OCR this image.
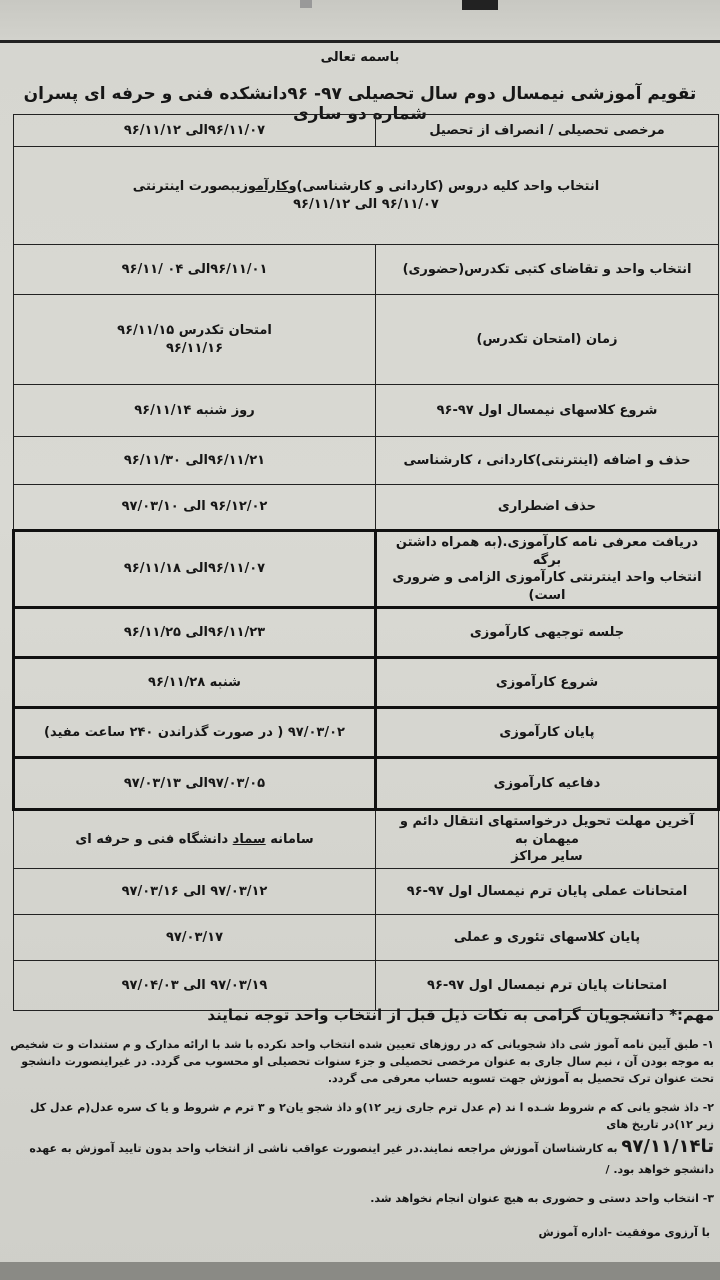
باسمه تعالی
تقویم آموزشی نیمسال دوم سال تحصیلی ۹۷- ۹۶دانشکده فنی و حرفه ای پسران شماره دو ساری
مرخصی تحصیلی / انصراف از تحصیل	۹۶/۱۱/۰۷الی ۹۶/۱۱/۱۲

انتخاب واحد کلیه دروس (کاردانی و کارشناسی)وکارآموزیبصورت اینترنتی
۹۶/۱۱/۰۷ الی ۹۶/۱۱/۱۲	

انتخاب واحد و تقاضای کتبی تکدرس(حضوری)	۹۶/۱۱/۰۱الی ۰۴ /۹۶/۱۱
زمان (امتحان تکدرس)	امتحان تکدرس ۹۶/۱۱/۱۵
۹۶/۱۱/۱۶

شروع کلاسهای نیمسال اول ۹۷-۹۶	روز شنبه ۹۶/۱۱/۱۴
حذف و اضافه (اینترنتی)کاردانی ، کارشناسی	۹۶/۱۱/۲۱الی ۹۶/۱۱/۳۰
حذف اضطراری	۹۶/۱۲/۰۲ الی ۹۷/۰۳/۱۰

دریافت معرفی نامه کارآموزی.(به همراه داشتن برگه
انتخاب واحد اینترنتی کارآموزی الزامی و ضروری است)	۹۶/۱۱/۰۷الی ۹۶/۱۱/۱۸
جلسه توجیهی کارآموزی	۹۶/۱۱/۲۳الی ۹۶/۱۱/۲۵
شروع کارآموزی	شنبه ۹۶/۱۱/۲۸
پایان کارآموزی	۹۷/۰۳/۰۲ ( در صورت گذراندن ۲۴۰ ساعت مفید)
دفاعیه کارآموزی	۹۷/۰۳/۰۵الی ۹۷/۰۳/۱۳

آخرین مهلت تحویل درخواستهای انتقال دائم و میهمان به
سایر مراکز	سامانه سماد دانشگاه فنی و حرفه ای
امتحانات عملی پایان ترم نیمسال اول ۹۷-۹۶	۹۷/۰۳/۱۲ الی ۹۷/۰۳/۱۶
پایان کلاسهای تئوری و عملی	۹۷/۰۳/۱۷
امتحانات پایان ترم نیمسال اول ۹۷-۹۶	۹۷/۰۳/۱۹ الی ۹۷/۰۴/۰۳
مهم:* دانشجویان گرامی به نکات ذیل قبل از انتخاب واحد توجه نمایند
۱- طبق آیین نامه آموز شی داذ شجویانی که در روزهای تعیین شده انتخاب واحد نکرده با شد با ارائه مدارک و م ستندات و ت شخیص به موجه بودن آن ، نیم سال جاری به عنوان مرخصی تحصیلی و جزء سنوات تحصیلی او محسوب می گردد. در غیراینصورت دانشجو تحت عنوان ترک تحصیل به آموزش جهت تسویه حساب معرفی می گردد.
۲- داذ شجو یانی که م شروط شـده ا ند (م عدل ترم جاری زیر ۱۲)و داذ شجو یان۲ و ۳ ترم م شروط و یا ک سره عدل(م عدل کل زیر ۱۲)در تاریخ های
تا۹۷/۱۱/۱۴ به کارشناسان آموزش مراجعه نمایند.در غیر اینصورت عواقب ناشی از انتخاب واحد بدون تایید آموزش به عهده دانشجو خواهد بود. /
۳- انتخاب واحد دستی و حضوری به هیچ عنوان انجام نخواهد شد.
با آرزوی موفقیت -اداره آموزش
